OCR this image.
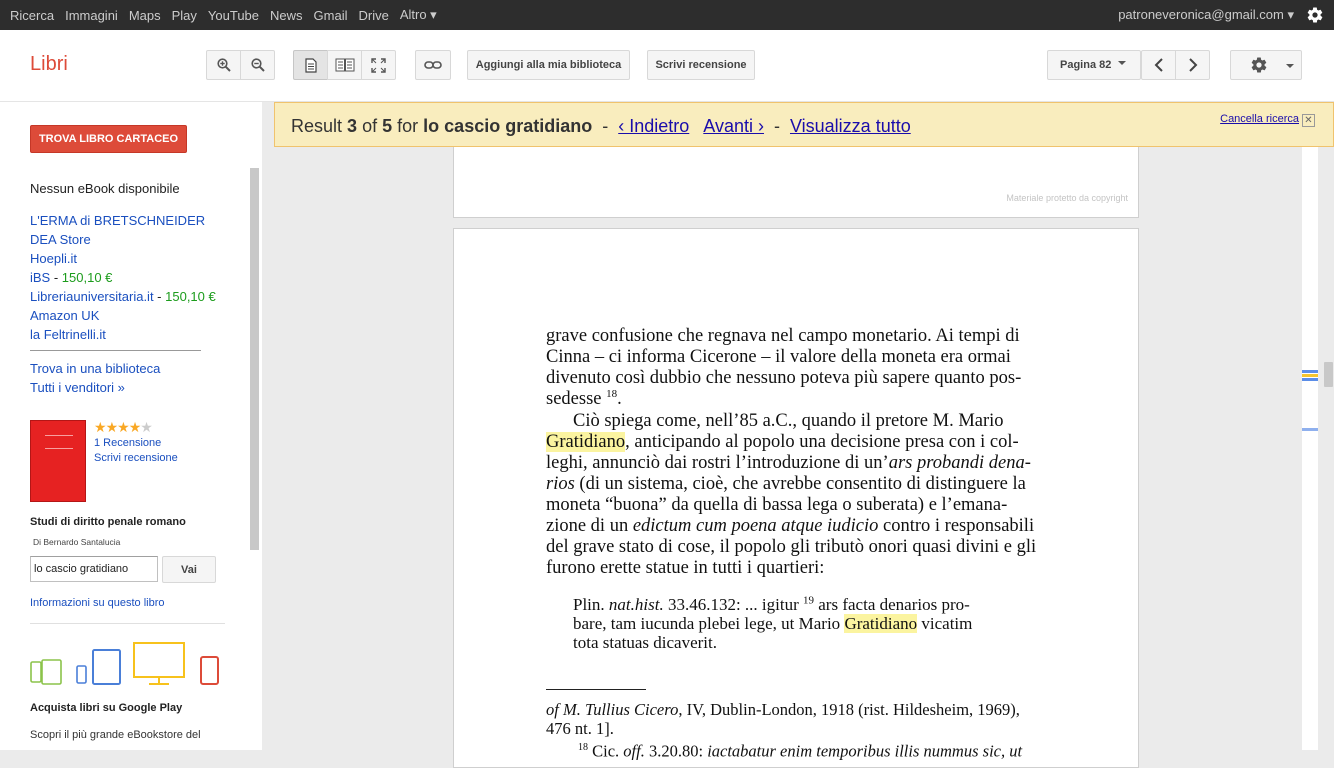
Ricerca Immagini Maps Play YouTube News Gmail Drive Altro ▾	patroneveronica@gmail.com ▾
Libri	Aggiungi alla mia biblioteca	Scrivi recensione	Pagina 82
TROVA LIBRO CARTACEO
Nessun eBook disponibile
L'ERMA di BRETSCHNEIDER
DEA Store
Hoepli.it
iBS - 150,10 €
Libreriauniversitaria.it - 150,10 €
Amazon UK
la Feltrinelli.it
Trova in una biblioteca
Tutti i venditori »
★★★★★
1 Recensione
Scrivi recensione
Studi di diritto penale romano
Di Bernardo Santalucia
lo cascio gratidiano	Vai
Informazioni su questo libro
Acquista libri su Google Play
Scopri il più grande eBookstore del
Result 3 of 5 for lo cascio gratidiano  -  ‹ Indietro Avanti ›  -  Visualizza tutto	Cancella ricerca ✕
Materiale protetto da copyright
grave confusione che regnava nel campo monetario. Ai tempi di
Cinna – ci informa Cicerone – il valore della moneta era ormai
divenuto così dubbio che nessuno poteva più sapere quanto pos-
sedesse $^{18}$.
Ciò spiega come, nell’85 a.C., quando il pretore M. Mario
Gratidiano, anticipando al popolo una decisione presa con i col-
leghi, annunciò dai rostri l’introduzione di un’ars probandi dena-
rios (di un sistema, cioè, che avrebbe consentito di distinguere la
moneta “buona” da quella di bassa lega o suberata) e l’emana-
zione di un edictum cum poena atque iudicio contro i responsabili
del grave stato di cose, il popolo gli tributò onori quasi divini e gli
furono erette statue in tutti i quartieri:
Plin. nat.hist. 33.46.132: ... igitur $^{19}$ ars facta denarios pro-
bare, tam iucunda plebei lege, ut Mario Gratidiano vicatim
tota statuas dicaverit.
of M. Tullius Cicero, IV, Dublin-London, 1918 (rist. Hildesheim, 1969),
476 nt. 1].
$^{18}$ Cic. off. 3.20.80: iactabatur enim temporibus illis nummus sic, ut
